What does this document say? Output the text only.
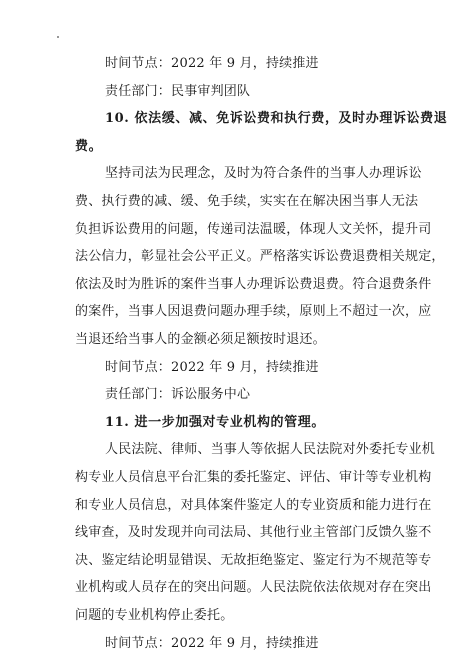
时间节点：2022 年 9 月，持续推进
责任部门：民事审判团队
10. 依法缓、减、免诉讼费和执行费，及时办理诉讼费退
费。
坚持司法为民理念，及时为符合条件的当事人办理诉讼
费、执行费的减、缓、免手续，实实在在解决困当事人无法
负担诉讼费用的问题，传递司法温暖，体现人文关怀，提升司
法公信力，彰显社会公平正义。严格落实诉讼费退费相关规定，
依法及时为胜诉的案件当事人办理诉讼费退费。符合退费条件
的案件，当事人因退费问题办理手续，原则上不超过一次，应
当退还给当事人的金额必须足额按时退还。
时间节点：2022 年 9 月，持续推进
责任部门：诉讼服务中心
11. 进一步加强对专业机构的管理。
人民法院、律师、当事人等依据人民法院对外委托专业机
构专业人员信息平台汇集的委托鉴定、评估、审计等专业机构
和专业人员信息，对具体案件鉴定人的专业资质和能力进行在
线审查，及时发现并向司法局、其他行业主管部门反馈久鉴不
决、鉴定结论明显错误、无故拒绝鉴定、鉴定行为不规范等专
业机构或人员存在的突出问题。人民法院依法依规对存在突出
问题的专业机构停止委托。
时间节点：2022 年 9 月，持续推进
